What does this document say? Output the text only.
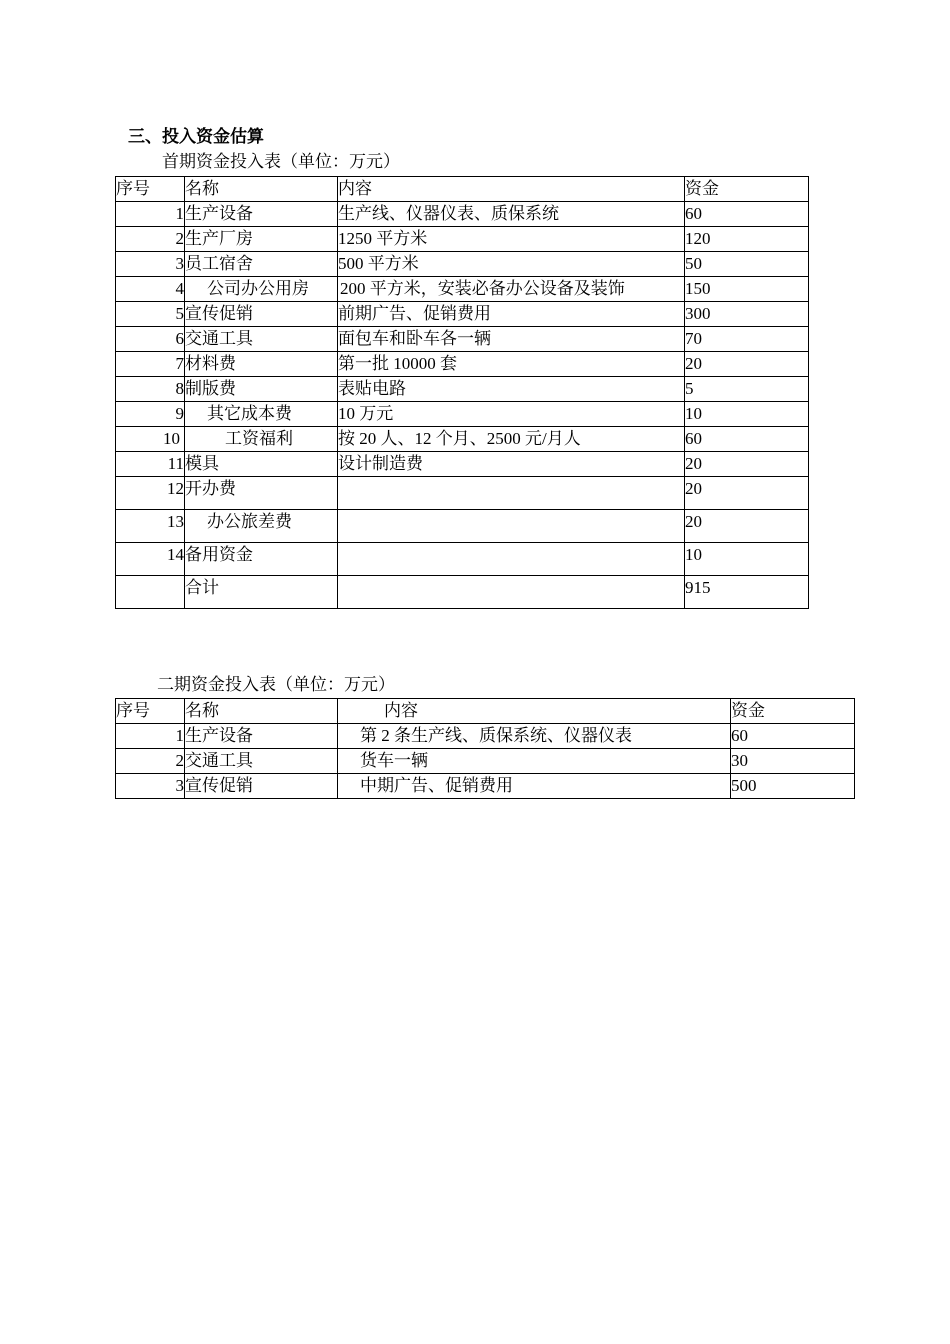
三、投入资金估算
首期资金投入表（单位：万元）
序号	名称	内容	资金
1	生产设备	生产线、仪器仪表、质保系统	60
2	生产厂房	1250 平方米	120
3	员工宿舍	500 平方米	50
4	公司办公用房	200 平方米，安装必备办公设备及装饰	150
5	宣传促销	前期广告、促销费用	300
6	交通工具	面包车和卧车各一辆	70
7	材料费	第一批 10000 套	20
8	制版费	表贴电路	5
9	其它成本费	10 万元	10
10	工资福利	按 20 人、12 个月、2500 元/月人	60
11	模具	设计制造费	20
12	开办费		20
13	办公旅差费		20
14	备用资金		10
	合计		915
二期资金投入表（单位：万元）
序号	名称	内容	资金
1	生产设备	第 2 条生产线、质保系统、仪器仪表	60
2	交通工具	货车一辆	30
3	宣传促销	中期广告、促销费用	500
